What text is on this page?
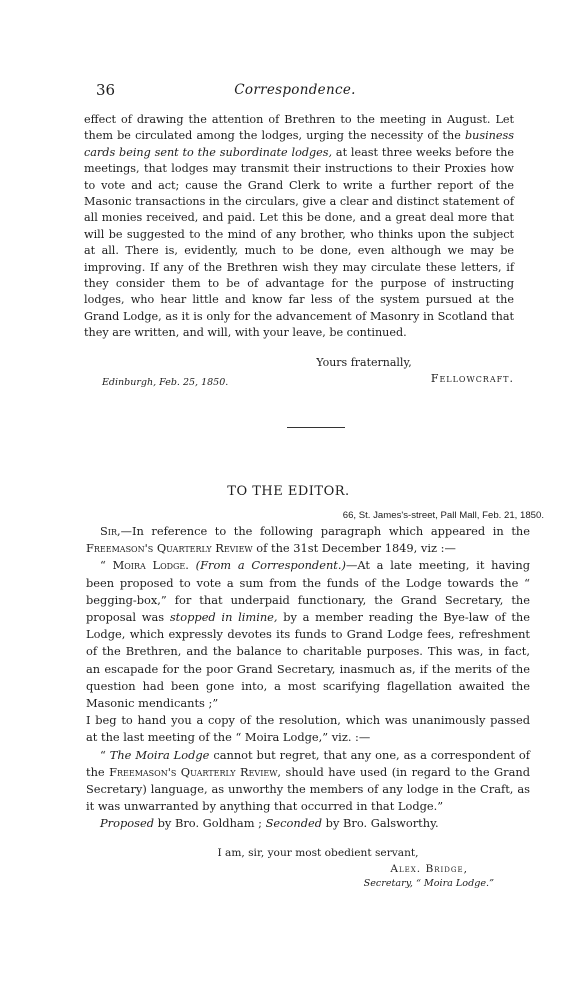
36	Correspondence.

effect of drawing the attention of Brethren to the meeting in August. Let them be circulated among the lodges, urging the necessity of the business cards being sent to the subordinate lodges, at least three weeks before the meetings, that lodges may transmit their instructions to their Proxies how to vote and act; cause the Grand Clerk to write a further report of the Masonic transactions in the circulars, give a clear and distinct statement of all monies received, and paid. Let this be done, and a great deal more that will be suggested to the mind of any brother, who thinks upon the subject at all. There is, evidently, much to be done, even although we may be improving. If any of the Brethren wish they may circulate these letters, if they consider them to be of advantage for the purpose of instructing lodges, who hear little and know far less of the system pursued at the Grand Lodge, as it is only for the advancement of Masonry in Scotland that they are written, and will, with your leave, be continued.

Yours fraternally,
Fellowcraft.
Edinburgh, Feb. 25, 1850.
TO THE EDITOR.
66, St. James's-street, Pall Mall, Feb. 21, 1850.

Sir,—In reference to the following paragraph which appeared in the Freemason's Quarterly Review of the 31st December 1849, viz :—

“ Moira Lodge. (From a Correspondent.)—At a late meeting, it having been proposed to vote a sum from the funds of the Lodge towards the “ begging-box,” for that underpaid functionary, the Grand Secretary, the proposal was stopped in limine, by a member reading the Bye-law of the Lodge, which expressly devotes its funds to Grand Lodge fees, refreshment of the Brethren, and the balance to charitable purposes. This was, in fact, an escapade for the poor Grand Secretary, inasmuch as, if the merits of the question had been gone into, a most scarifying flagellation awaited the Masonic mendicants ;”

I beg to hand you a copy of the resolution, which was unanimously passed at the last meeting of the “ Moira Lodge,” viz. :—

“ The Moira Lodge cannot but regret, that any one, as a correspondent of the Freemason's Quarterly Review, should have used (in regard to the Grand Secretary) language, as unworthy the members of any lodge in the Craft, as it was unwarranted by anything that occurred in that Lodge.”

Proposed by Bro. Goldham ; Seconded by Bro. Galsworthy.

I am, sir, your most obedient servant,
Alex. Bridge,
Secretary, “ Moira Lodge.”
